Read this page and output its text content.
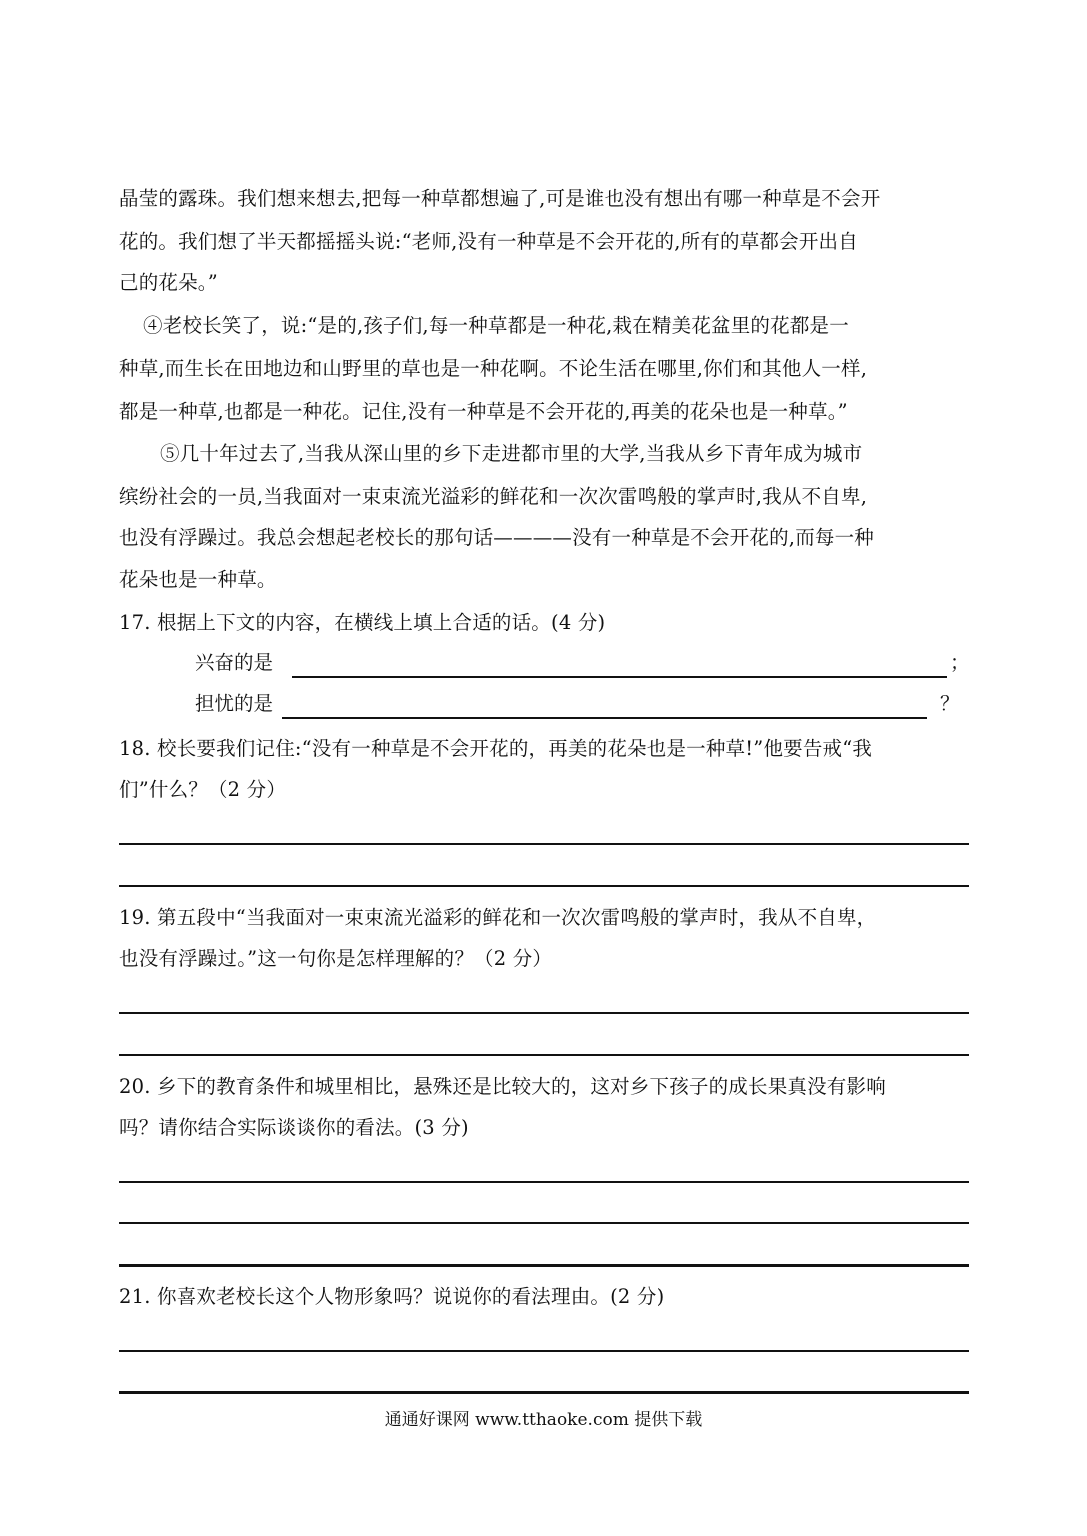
晶莹的露珠。我们想来想去,把每一种草都想遍了,可是谁也没有想出有哪一种草是不会开
花的。我们想了半天都摇摇头说:“老师,没有一种草是不会开花的,所有的草都会开出自
己的花朵。”
④老校长笑了，说:“是的,孩子们,每一种草都是一种花,栽在精美花盆里的花都是一
种草,而生长在田地边和山野里的草也是一种花啊。不论生活在哪里,你们和其他人一样,
都是一种草,也都是一种花。记住,没有一种草是不会开花的,再美的花朵也是一种草。”
⑤几十年过去了,当我从深山里的乡下走进都市里的大学,当我从乡下青年成为城市
缤纷社会的一员,当我面对一束束流光溢彩的鲜花和一次次雷鸣般的掌声时,我从不自卑,
也没有浮躁过。我总会想起老校长的那句话————没有一种草是不会开花的,而每一种
花朵也是一种草。
17. 根据上下文的内容，在横线上填上合适的话。(4 分)
兴奋的是	；
担忧的是	？
18. 校长要我们记住:“没有一种草是不会开花的，再美的花朵也是一种草!”他要告戒“我
们”什么？（2 分）
19. 第五段中“当我面对一束束流光溢彩的鲜花和一次次雷鸣般的掌声时，我从不自卑，
也没有浮躁过。”这一句你是怎样理解的？（2 分）
20. 乡下的教育条件和城里相比，悬殊还是比较大的，这对乡下孩子的成长果真没有影响
吗？请你结合实际谈谈你的看法。(3 分)
21. 你喜欢老校长这个人物形象吗？说说你的看法理由。(2 分)
通通好课网 www.tthaoke.com 提供下载
